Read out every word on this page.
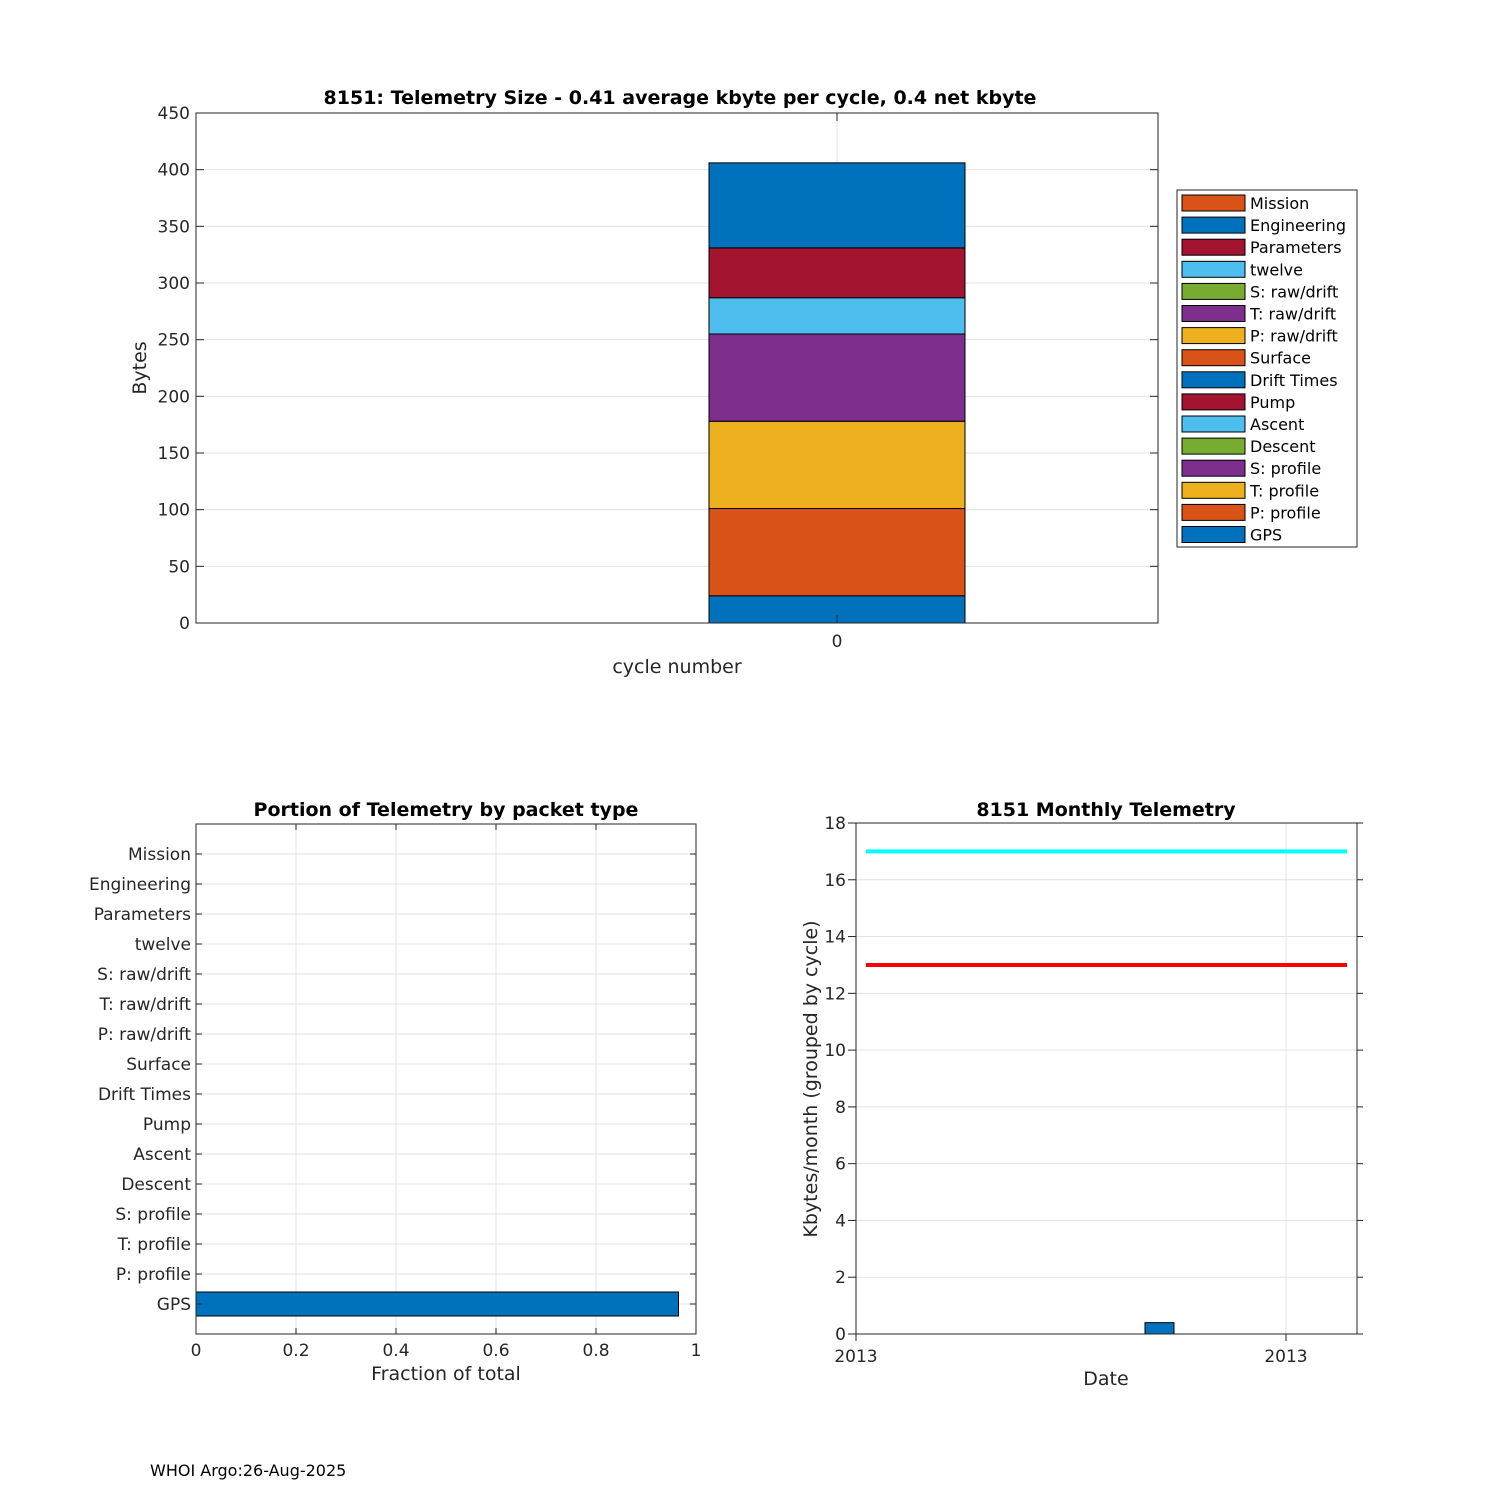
0
50
100
150
200
250
300
350
400
450
0
cycle number
Bytes
8151: Telemetry Size - 0.41 average kbyte per cycle, 0.4 net kbyte
Mission
Engineering
Parameters
twelve
S: raw/drift
T: raw/drift
P: raw/drift
Surface
Drift Times
Pump
Ascent
Descent
S: profile
T: profile
P: profile
GPS
0	0.2	0.4	0.6	0.8	1
GPS
P: profile
T: profile
S: profile
Descent
Ascent
Pump
Drift Times
Surface
P: raw/drift
T: raw/drift
S: raw/drift
twelve
Parameters
Engineering
Mission
Fraction of total
Portion of Telemetry by packet type
0
2
4
6
8
10
12
14
16
18
2013	2013
Date
Kbytes/month (grouped by cycle)
8151 Monthly Telemetry
WHOI Argo:26-Aug-2025
